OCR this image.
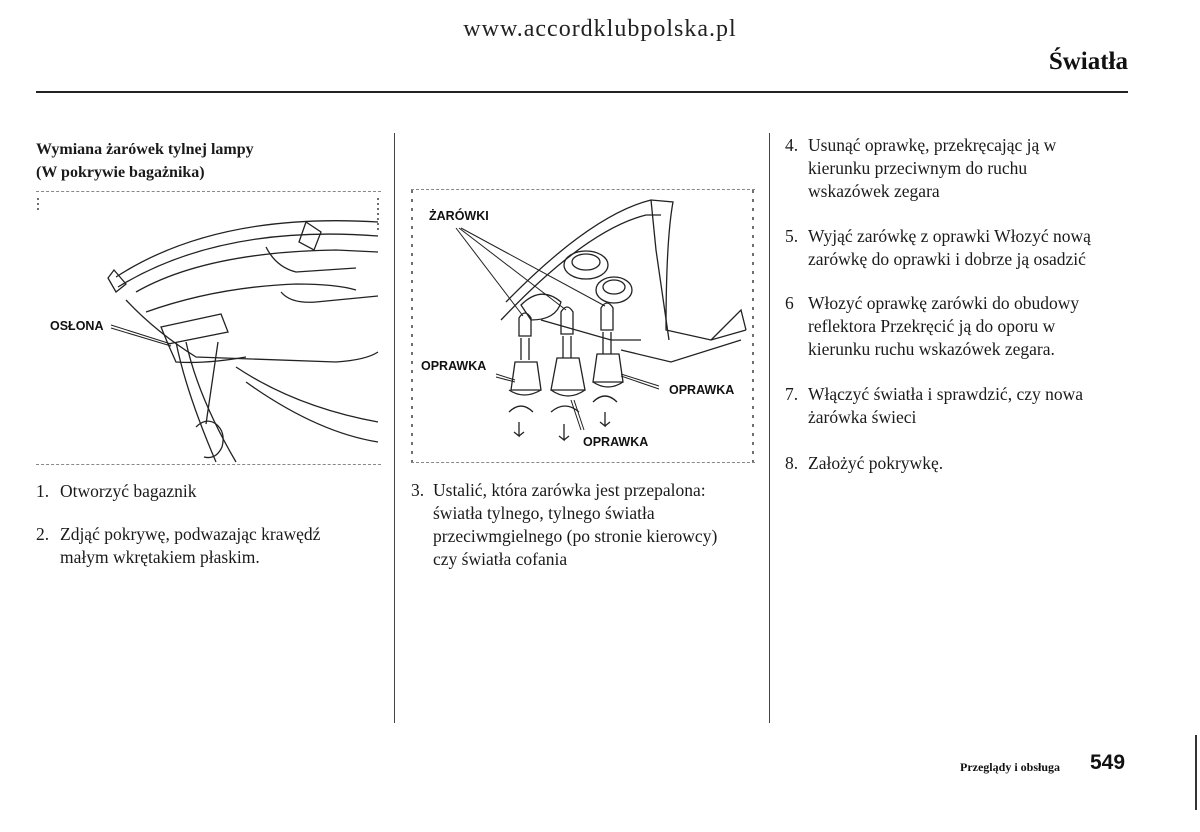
www.accordklubpolska.pl
Światła
Wymiana żarówek tylnej lampy
(W pokrywie bagażnika)
OSŁONA
1. Otworzyć bagaznik
2. Zdjąć pokrywę, podwazając krawędź
małym wkrętakiem płaskim.
ŻARÓWKI
OPRAWKA
OPRAWKA
OPRAWKA
3. Ustalić, która zarówka jest przepalona:
światła tylnego, tylnego światła
przeciwmgielnego (po stronie kierowcy)
czy światła cofania
4. Usunąć oprawkę, przekręcając ją w
kierunku przeciwnym do ruchu
wskazówek zegara
5. Wyjąć zarówkę z oprawki Włozyć nową
zarówkę do oprawki i dobrze ją osadzić
6 Włozyć oprawkę zarówki do obudowy
reflektora Przekręcić ją do oporu w
kierunku ruchu wskazówek zegara.
7. Włączyć światła i sprawdzić, czy nowa
żarówka świeci
8. Założyć pokrywkę.
Przeglądy i obsługa 549
